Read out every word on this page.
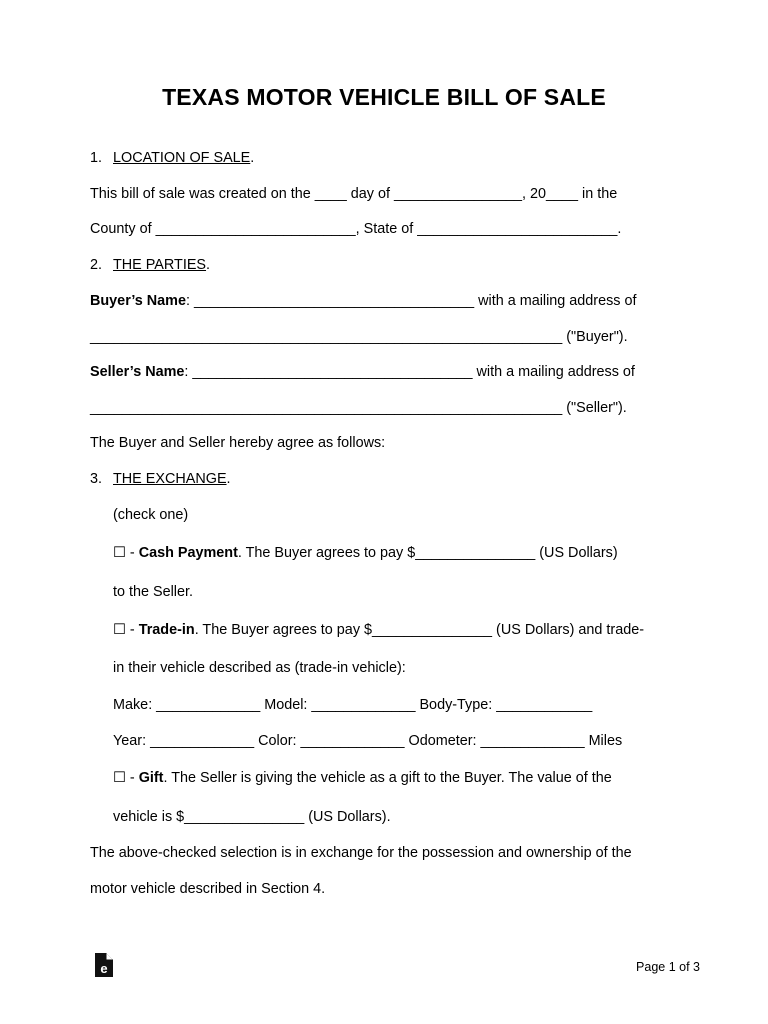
TEXAS MOTOR VEHICLE BILL OF SALE
1. LOCATION OF SALE.
This bill of sale was created on the ____ day of ________________, 20____ in the
County of _________________________, State of _________________________.
2. THE PARTIES.
Buyer’s Name: ___________________________________ with a mailing address of
___________________________________________________________ ("Buyer").
Seller’s Name: ___________________________________ with a mailing address of
___________________________________________________________ ("Seller").
The Buyer and Seller hereby agree as follows:
3. THE EXCHANGE.
(check one)
☐ - Cash Payment. The Buyer agrees to pay $_______________ (US Dollars)
to the Seller.
☐ - Trade-in. The Buyer agrees to pay $_______________ (US Dollars) and trade-
in their vehicle described as (trade-in vehicle):
Make: _____________ Model: _____________ Body-Type: ____________
Year: _____________ Color: _____________ Odometer: _____________ Miles
☐ - Gift. The Seller is giving the vehicle as a gift to the Buyer. The value of the
vehicle is $_______________ (US Dollars).
The above-checked selection is in exchange for the possession and ownership of the
motor vehicle described in Section 4.
e	Page 1 of 3
